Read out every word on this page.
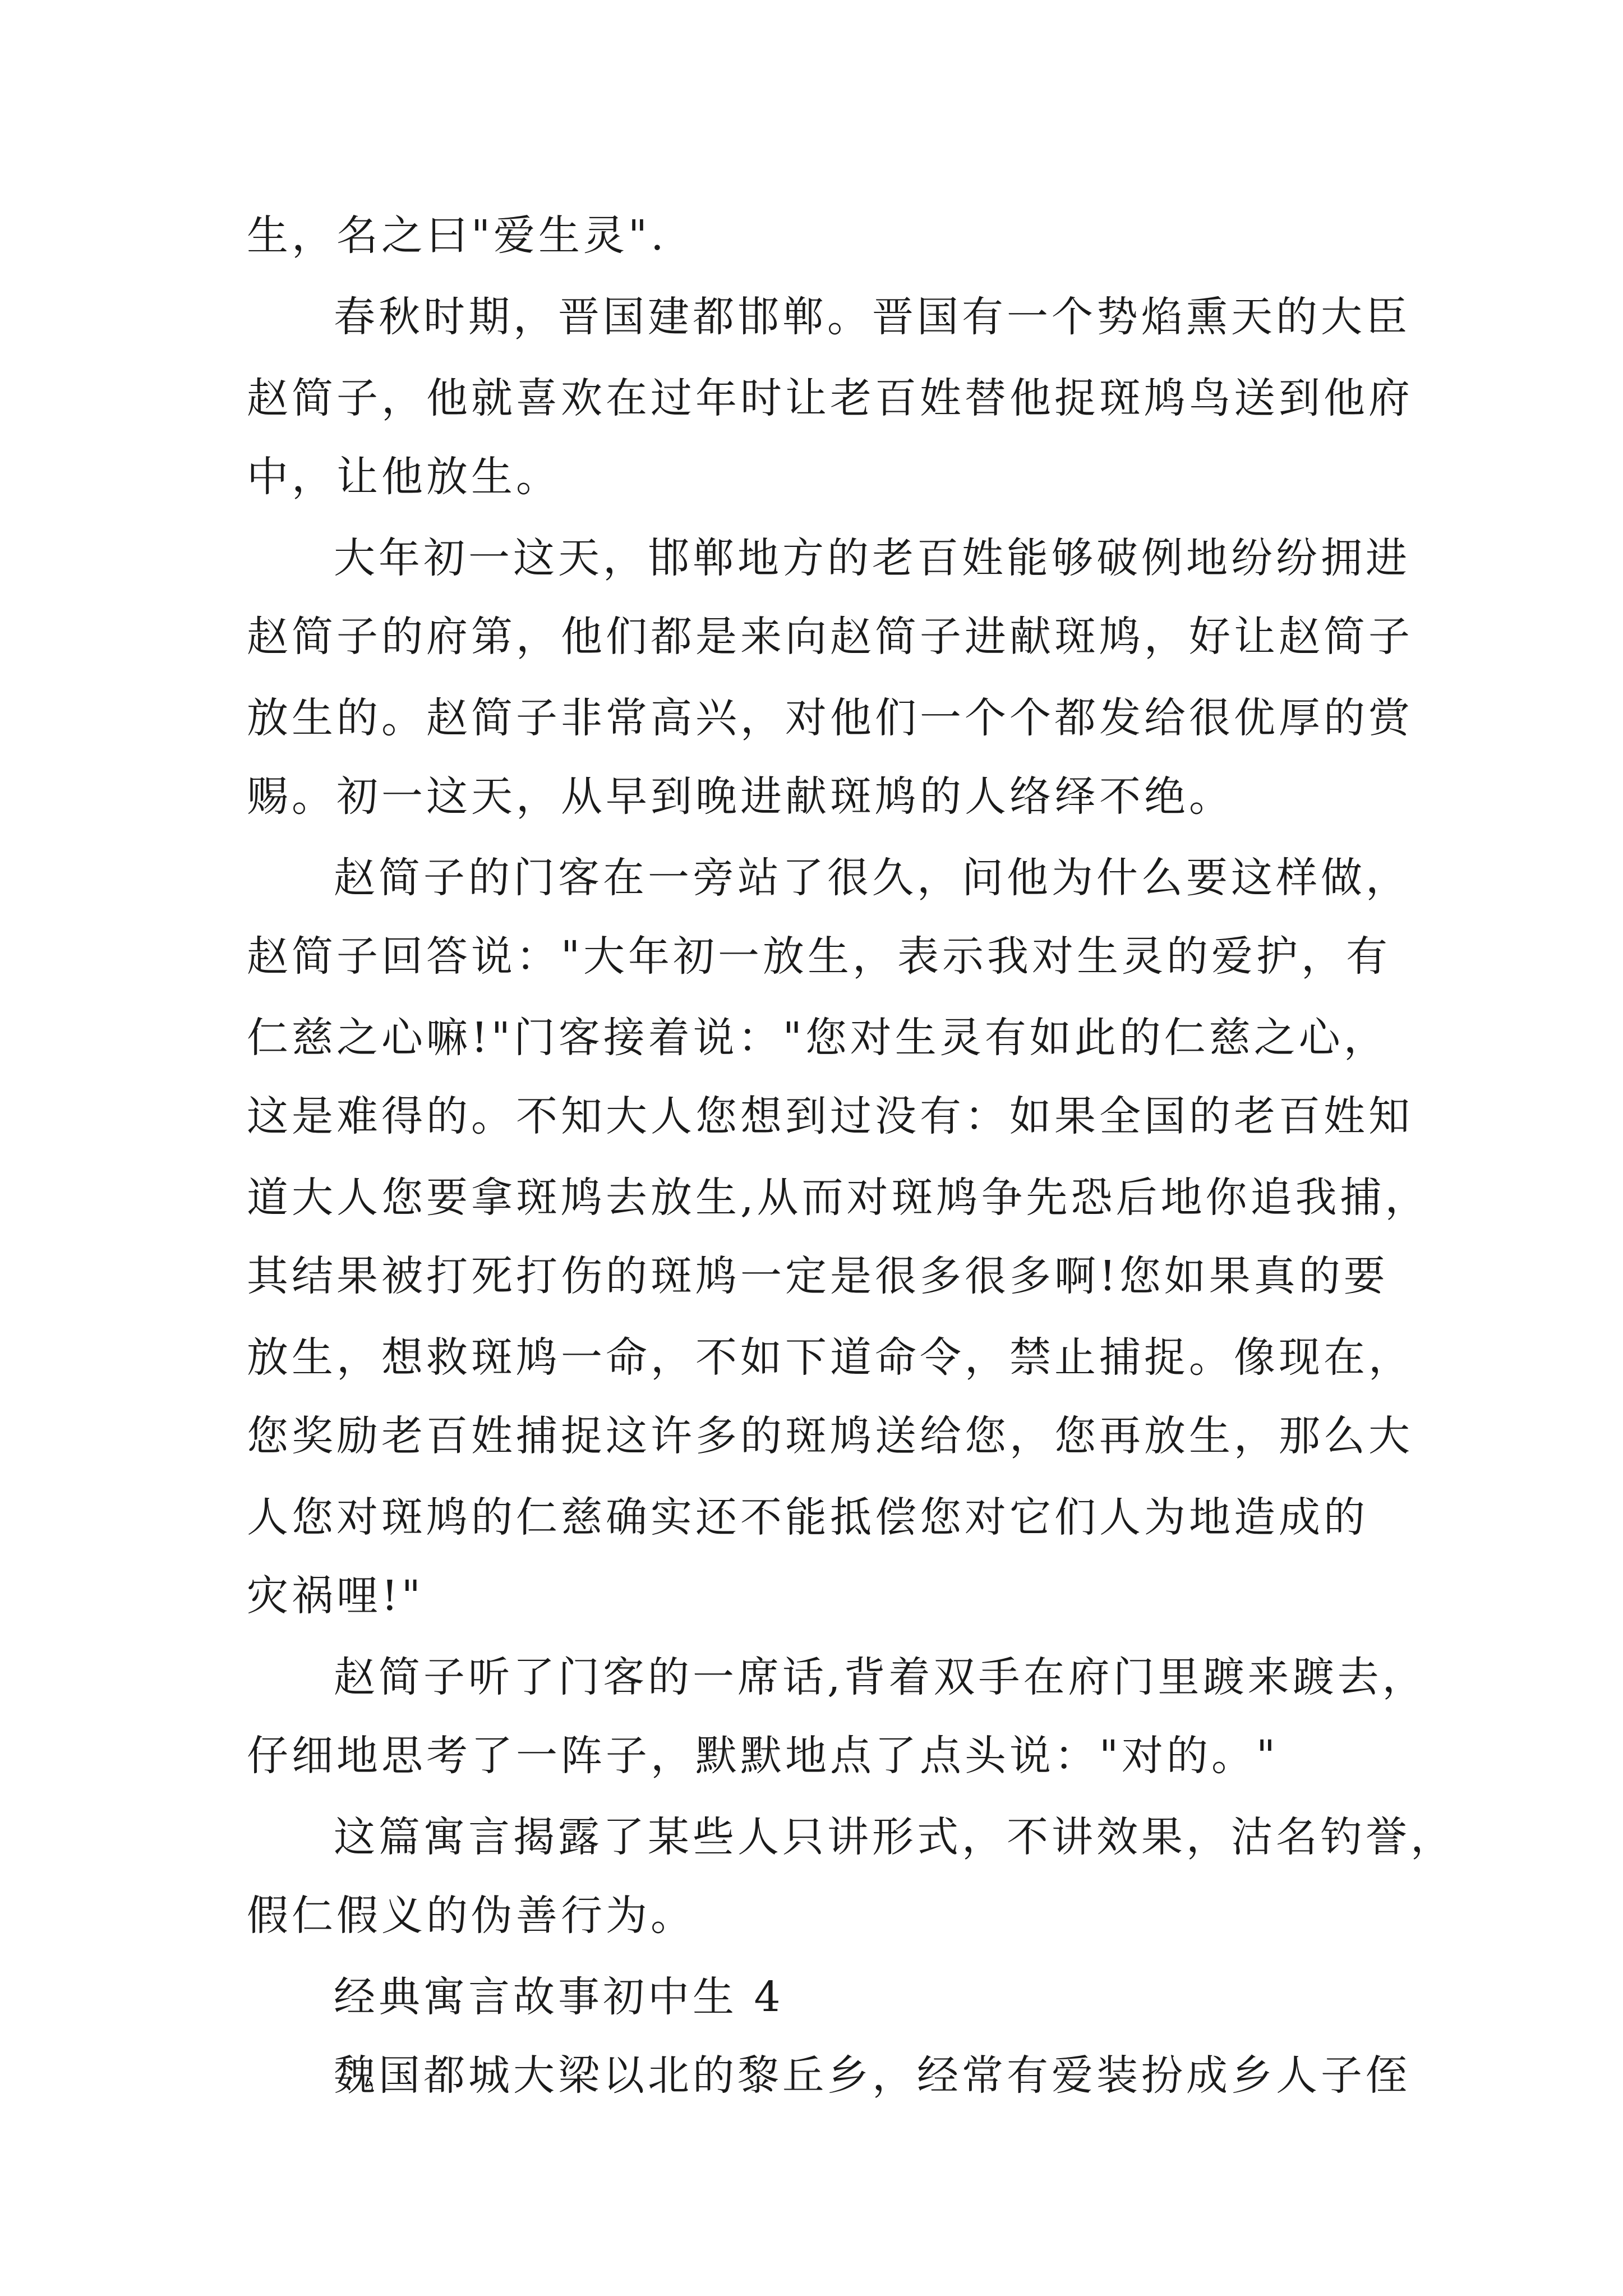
生，名之曰"爱生灵".
春秋时期，晋国建都邯郸。晋国有一个势焰熏天的大臣
赵简子，他就喜欢在过年时让老百姓替他捉斑鸠鸟送到他府
中，让他放生。
大年初一这天，邯郸地方的老百姓能够破例地纷纷拥进
赵简子的府第，他们都是来向赵简子进献斑鸠，好让赵简子
放生的。赵简子非常高兴，对他们一个个都发给很优厚的赏
赐。初一这天，从早到晚进献斑鸠的人络绎不绝。
赵简子的门客在一旁站了很久，问他为什么要这样做，
赵简子回答说："大年初一放生，表示我对生灵的爱护，有
仁慈之心嘛!"门客接着说："您对生灵有如此的仁慈之心，
这是难得的。不知大人您想到过没有：如果全国的老百姓知
道大人您要拿斑鸠去放生,从而对斑鸠争先恐后地你追我捕，
其结果被打死打伤的斑鸠一定是很多很多啊!您如果真的要
放生，想救斑鸠一命，不如下道命令，禁止捕捉。像现在，
您奖励老百姓捕捉这许多的斑鸠送给您，您再放生，那么大
人您对斑鸠的仁慈确实还不能抵偿您对它们人为地造成的
灾祸哩!"
赵简子听了门客的一席话,背着双手在府门里踱来踱去，
仔细地思考了一阵子，默默地点了点头说："对的。"
这篇寓言揭露了某些人只讲形式，不讲效果，沽名钓誉，
假仁假义的伪善行为。
经典寓言故事初中生 4
魏国都城大梁以北的黎丘乡，经常有爱装扮成乡人子侄
